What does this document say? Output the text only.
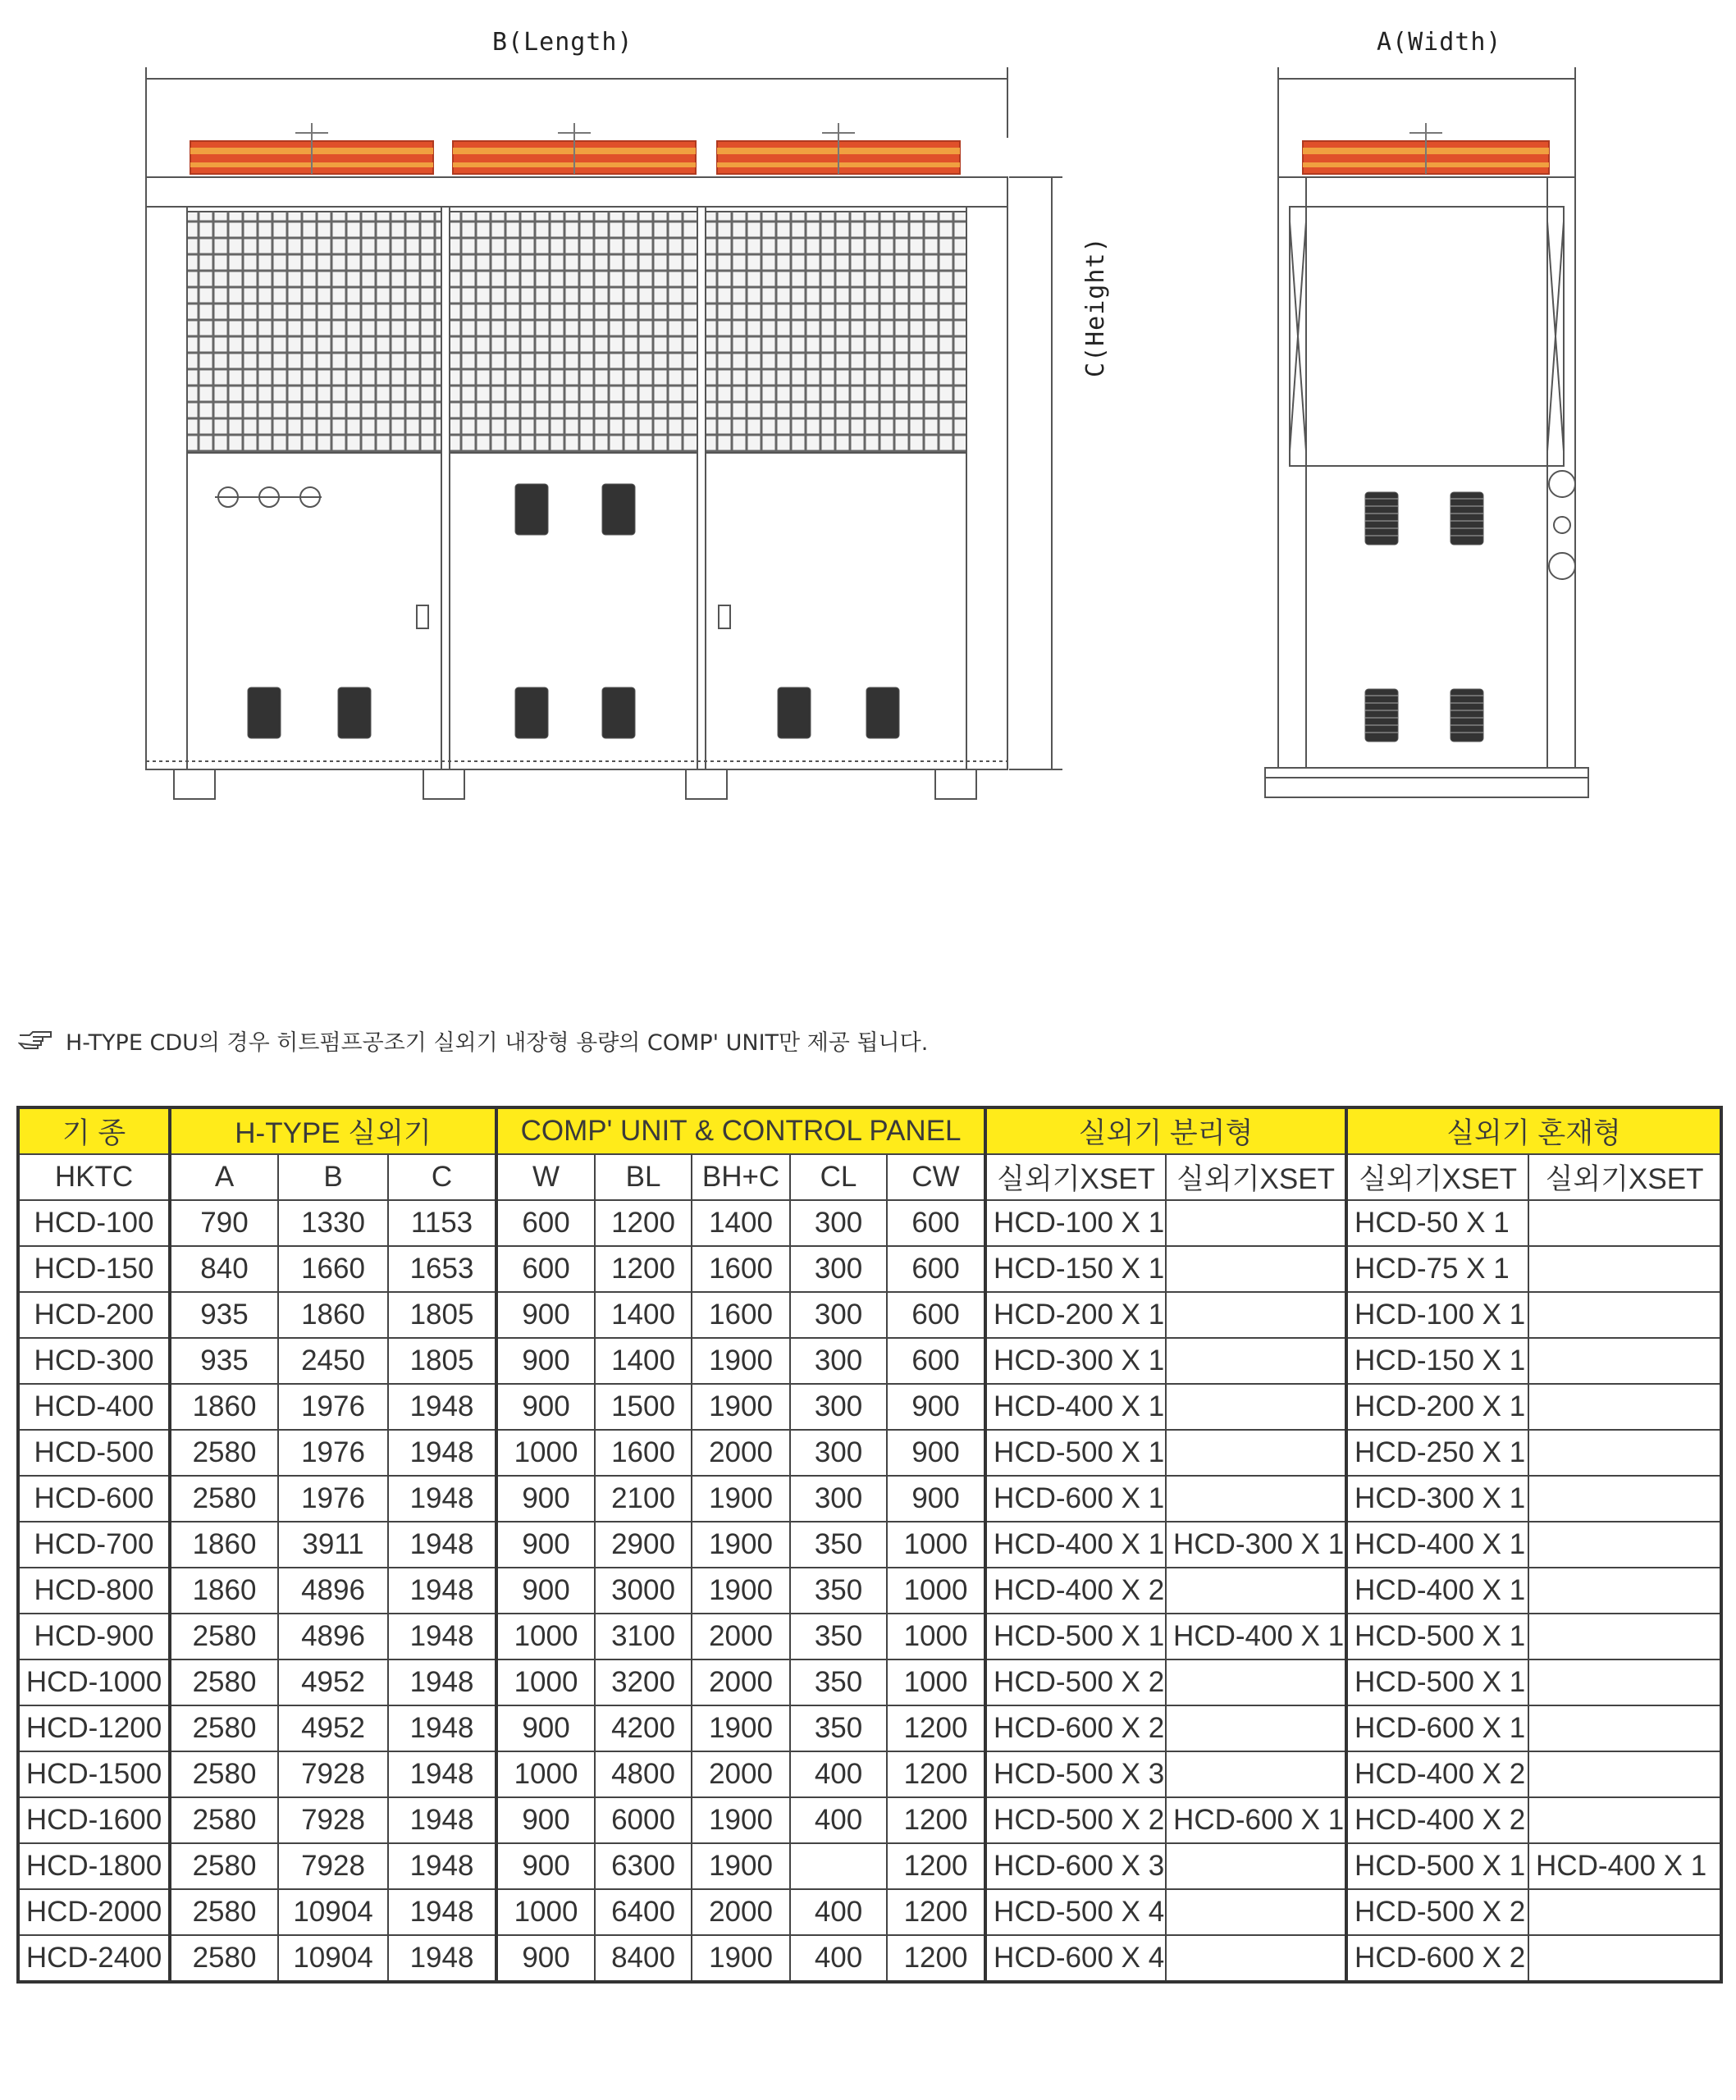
B(Length)	A(Width)
C(Height)
H-TYPE CDU의 경우 히트펌프공조기 실외기 내장형 용량의 COMP' UNIT만 제공 됩니다.
기 종	H-TYPE 실외기			COMP' UNIT & CONTROL PANEL					실외기 분리형		실외기 혼재형	
HKTC	A	B	C	W	BL	BH+C	CL	CW	실외기XSET	실외기XSET	실외기XSET	실외기XSET
HCD-100	790	1330	1153	600	1200	1400	300	600	HCD-100 X 1		HCD-50 X 1	
HCD-150	840	1660	1653	600	1200	1600	300	600	HCD-150 X 1		HCD-75 X 1	
HCD-200	935	1860	1805	900	1400	1600	300	600	HCD-200 X 1		HCD-100 X 1	
HCD-300	935	2450	1805	900	1400	1900	300	600	HCD-300 X 1		HCD-150 X 1	
HCD-400	1860	1976	1948	900	1500	1900	300	900	HCD-400 X 1		HCD-200 X 1	
HCD-500	2580	1976	1948	1000	1600	2000	300	900	HCD-500 X 1		HCD-250 X 1	
HCD-600	2580	1976	1948	900	2100	1900	300	900	HCD-600 X 1		HCD-300 X 1	
HCD-700	1860	3911	1948	900	2900	1900	350	1000	HCD-400 X 1	HCD-300 X 1	HCD-400 X 1	
HCD-800	1860	4896	1948	900	3000	1900	350	1000	HCD-400 X 2		HCD-400 X 1	
HCD-900	2580	4896	1948	1000	3100	2000	350	1000	HCD-500 X 1	HCD-400 X 1	HCD-500 X 1	
HCD-1000	2580	4952	1948	1000	3200	2000	350	1000	HCD-500 X 2		HCD-500 X 1	
HCD-1200	2580	4952	1948	900	4200	1900	350	1200	HCD-600 X 2		HCD-600 X 1	
HCD-1500	2580	7928	1948	1000	4800	2000	400	1200	HCD-500 X 3		HCD-400 X 2	
HCD-1600	2580	7928	1948	900	6000	1900	400	1200	HCD-500 X 2	HCD-600 X 1	HCD-400 X 2	
HCD-1800	2580	7928	1948	900	6300	1900		1200	HCD-600 X 3		HCD-500 X 1	HCD-400 X 1
HCD-2000	2580	10904	1948	1000	6400	2000	400	1200	HCD-500 X 4		HCD-500 X 2	
HCD-2400	2580	10904	1948	900	8400	1900	400	1200	HCD-600 X 4		HCD-600 X 2	
